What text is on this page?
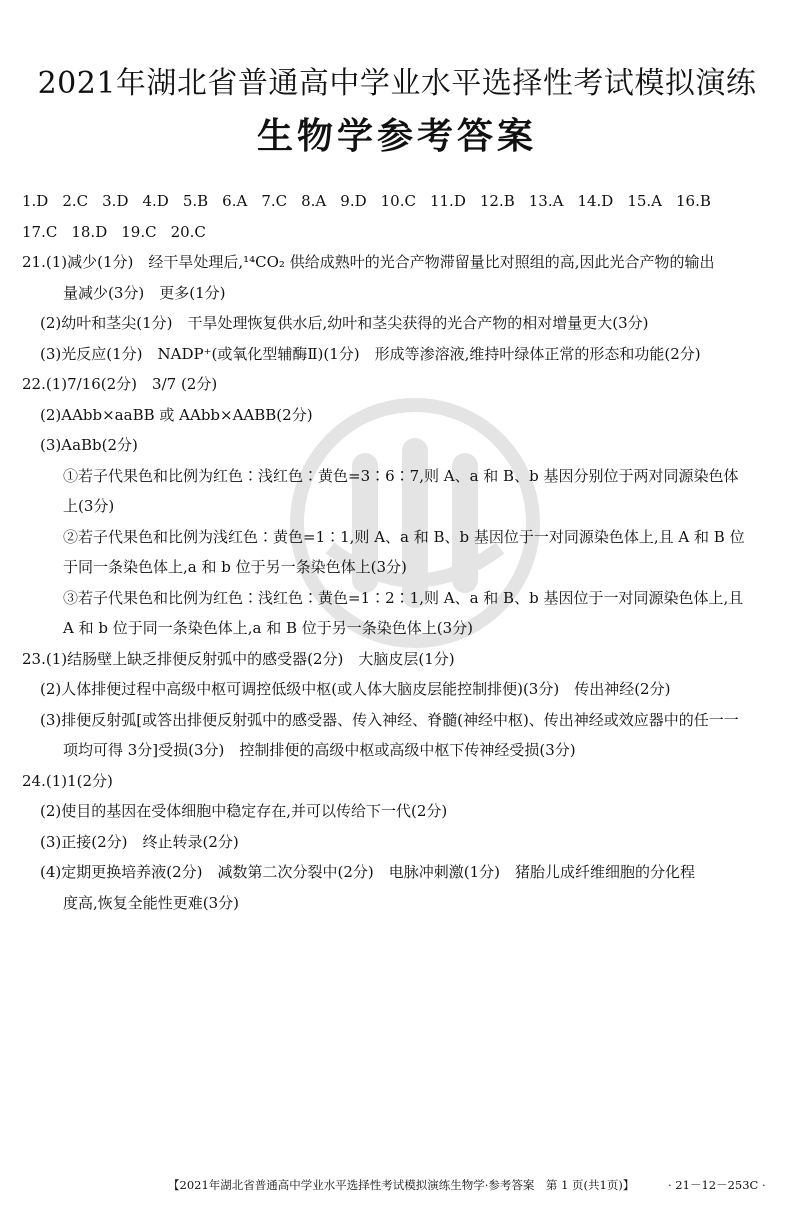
2021年湖北省普通高中学业水平选择性考试模拟演练
生物学参考答案

1.D 2.C 3.D 4.D 5.B 6.A 7.C 8.A 9.D 10.C 11.D 12.B 13.A 14.D 15.A 16.B

17.C 18.D 19.C 20.C

21.(1)减少(1分)　经干旱处理后,¹⁴CO₂ 供给成熟叶的光合产物滞留量比对照组的高,因此光合产物的输出

量减少(3分)　更多(1分)

(2)幼叶和茎尖(1分)　干旱处理恢复供水后,幼叶和茎尖获得的光合产物的相对增量更大(3分)

(3)光反应(1分)　NADP⁺(或氧化型辅酶Ⅱ)(1分)　形成等渗溶液,维持叶绿体正常的形态和功能(2分)

22.(1)7/16(2分)　3/7 (2分)

(2)AAbb×aaBB 或 AAbb×AABB(2分)

(3)AaBb(2分)

①若子代果色和比例为红色∶浅红色∶黄色=3∶6∶7,则 A、a 和 B、b 基因分别位于两对同源染色体

上(3分)

②若子代果色和比例为浅红色∶黄色=1∶1,则 A、a 和 B、b 基因位于一对同源染色体上,且 A 和 B 位

于同一条染色体上,a 和 b 位于另一条染色体上(3分)

③若子代果色和比例为红色∶浅红色∶黄色=1∶2∶1,则 A、a 和 B、b 基因位于一对同源染色体上,且

A 和 b 位于同一条染色体上,a 和 B 位于另一条染色体上(3分)

23.(1)结肠壁上缺乏排便反射弧中的感受器(2分)　大脑皮层(1分)

(2)人体排便过程中高级中枢可调控低级中枢(或人体大脑皮层能控制排便)(3分)　传出神经(2分)

(3)排便反射弧[或答出排便反射弧中的感受器、传入神经、脊髓(神经中枢)、传出神经或效应器中的任一一

项均可得 3分]受损(3分)　控制排便的高级中枢或高级中枢下传神经受损(3分)

24.(1)1(2分)

(2)使目的基因在受体细胞中稳定存在,并可以传给下一代(2分)

(3)正接(2分)　终止转录(2分)

(4)定期更换培养液(2分)　减数第二次分裂中(2分)　电脉冲刺激(1分)　猪胎儿成纤维细胞的分化程

度高,恢复全能性更难(3分)

【2021年湖北省普通高中学业水平选择性考试模拟演练生物学·参考答案　第 1 页(共1页)】	· 21－12－253C ·
